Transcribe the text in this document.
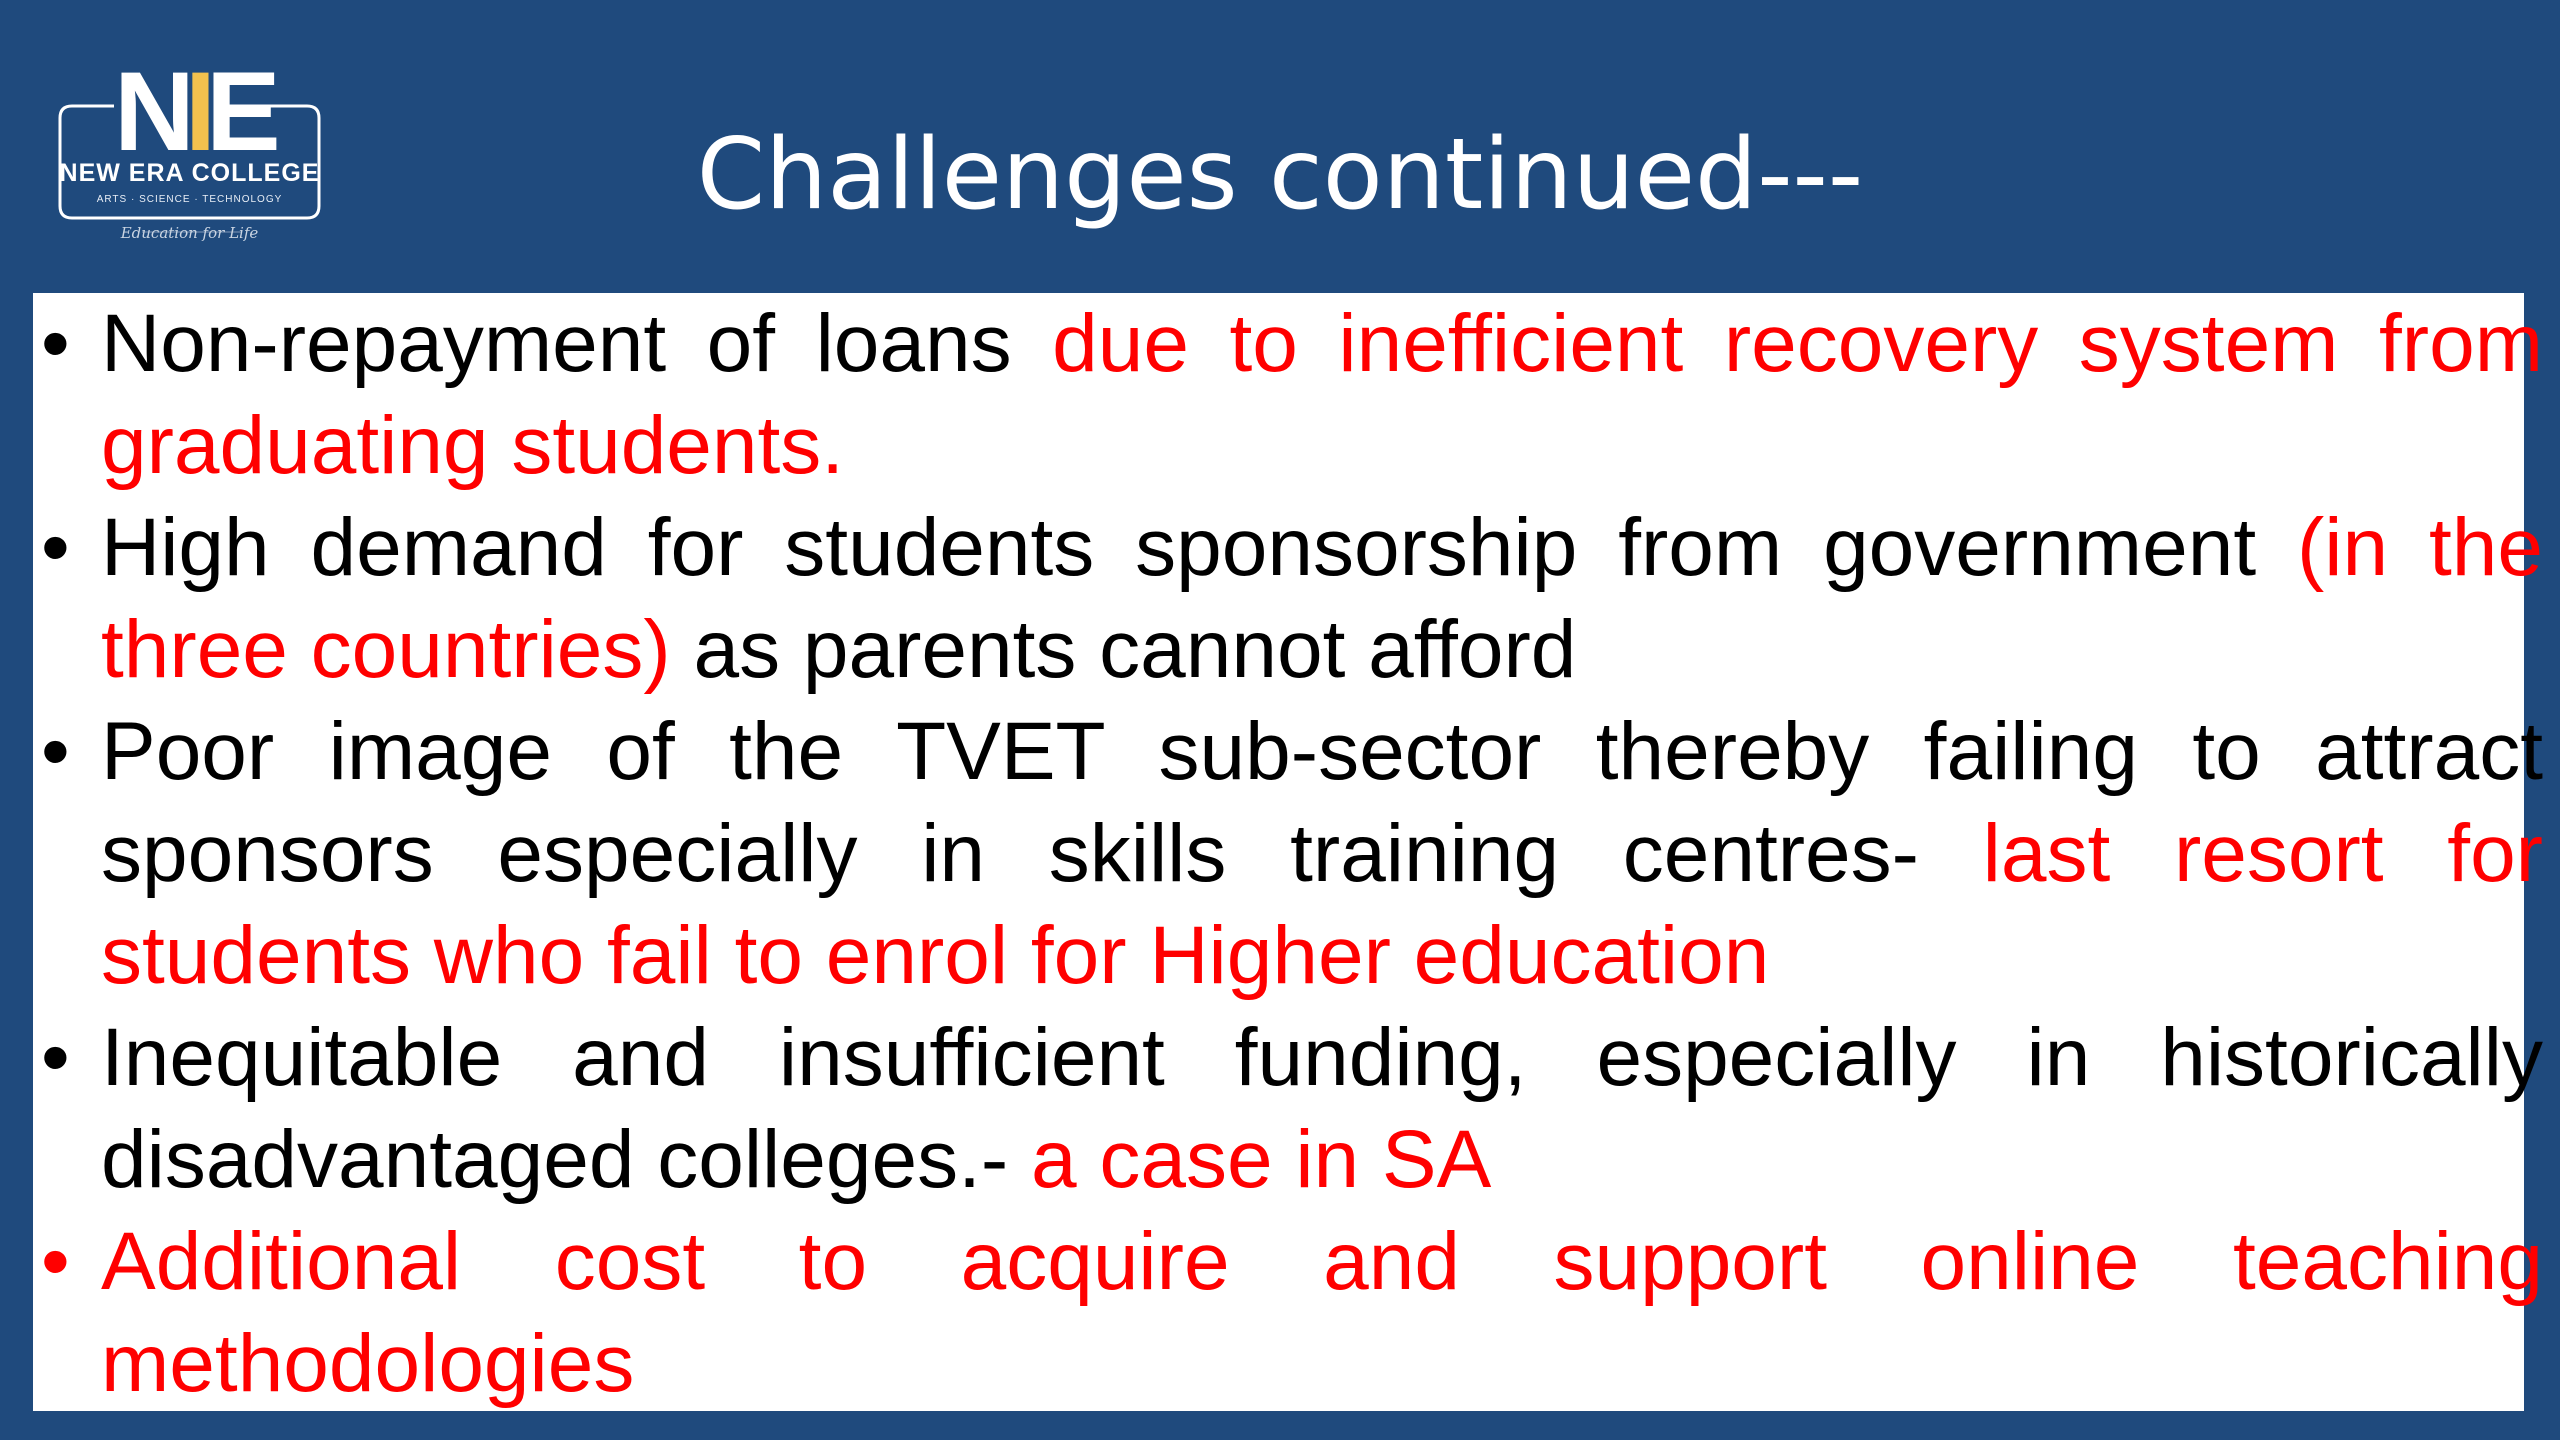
NIE
NEW ERA COLLEGE
ARTS · SCIENCE · TECHNOLOGY
Education for Life
Challenges continued---
• Non-repayment of loans due to inefficient recovery system from graduating students.
• High demand for students sponsorship from government (in the three countries) as parents cannot afford
• Poor image of the TVET sub-sector thereby failing to attract sponsors especially in skills training centres- last resort for students who fail to enrol for Higher education
• Inequitable and insufficient funding, especially in historically disadvantaged colleges.- a case in SA
• Additional cost to acquire and support online teaching methodologies
